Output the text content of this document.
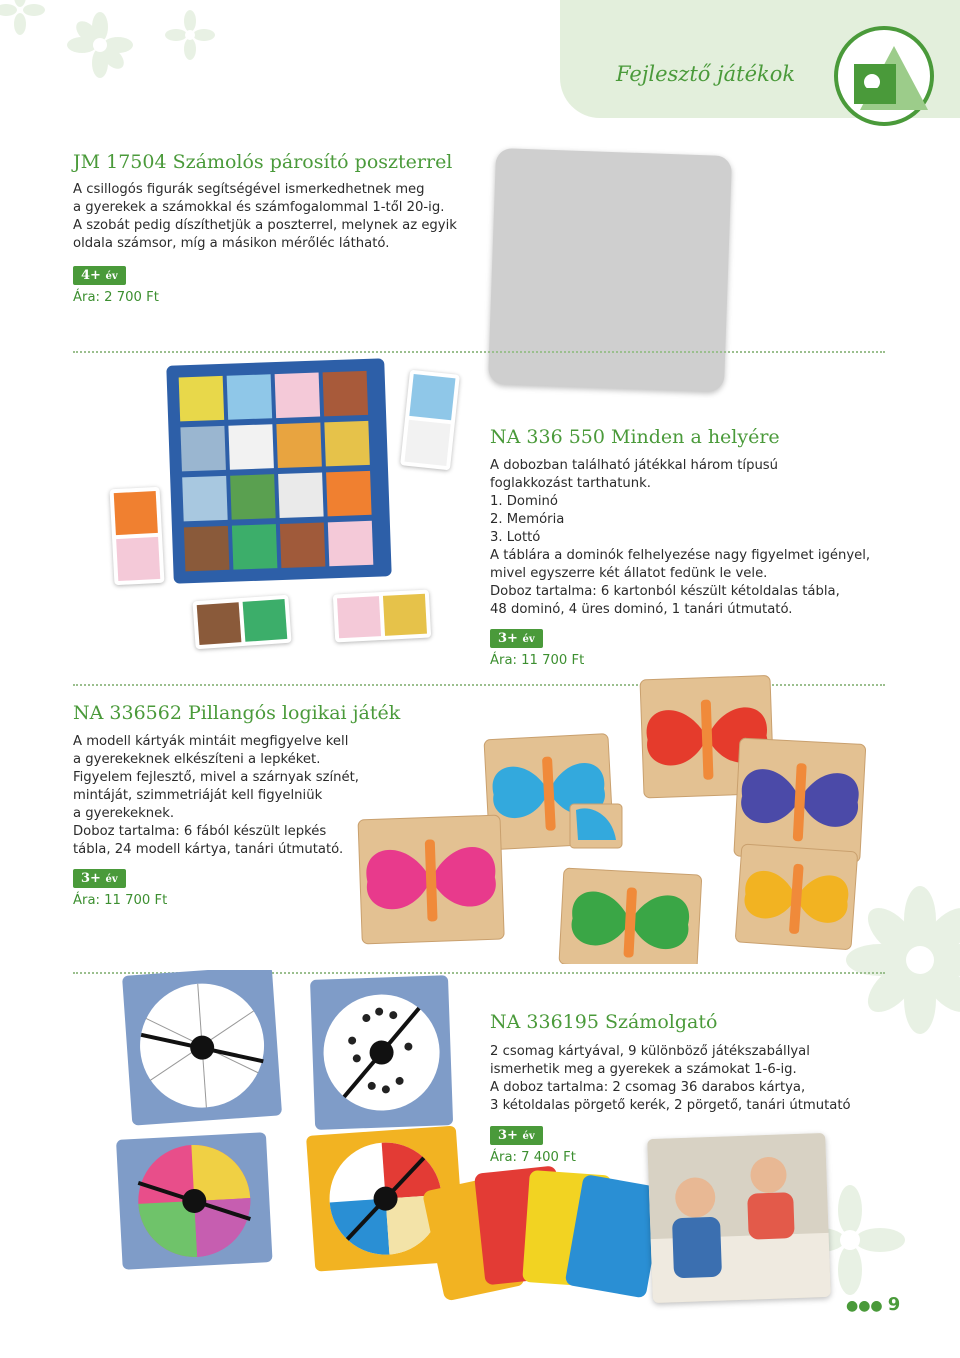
Fejlesztő játékok
JM 17504 Számolós párosító poszterrel
A csillogós figurák segítségével ismerkedhetnek meg
a gyerekek a számokkal és számfogalommal 1-től 20-ig.
A szobát pedig díszíthetjük a poszterrel, melynek az egyik
oldala számsor, míg a másikon mérőléc látható.
4+ év
Ára: 2 700 Ft
NA 336 550 Minden a helyére
A dobozban található játékkal három típusú
foglakkozást tarthatunk.
1. Dominó
2. Memória
3. Lottó
A táblára a dominók felhelyezése nagy figyelmet igényel,
mivel egyszerre két állatot fedünk le vele.
Doboz tartalma: 6 kartonból készült kétoldalas tábla,
48 dominó, 4 üres dominó, 1 tanári útmutató.
3+ év
Ára: 11 700 Ft
NA 336562 Pillangós logikai játék
A modell kártyák mintáit megfigyelve kell
a gyerekeknek elkészíteni a lepkéket.
Figyelem fejlesztő, mivel a szárnyak színét,
mintáját, szimmetriáját kell figyelniük
a gyerekeknek.
Doboz tartalma: 6 fából készült lepkés
tábla, 24 modell kártya, tanári útmutató.
3+ év
Ára: 11 700 Ft
NA 336195 Számolgató
2 csomag kártyával, 9 különböző játékszabállyal
ismerhetik meg a gyerekek a számokat 1-6-ig.
A doboz tartalma: 2 csomag 36 darabos kártya,
3 kétoldalas pörgető kerék, 2 pörgető, tanári útmutató
3+ év
Ára: 7 400 Ft
●●● 9
